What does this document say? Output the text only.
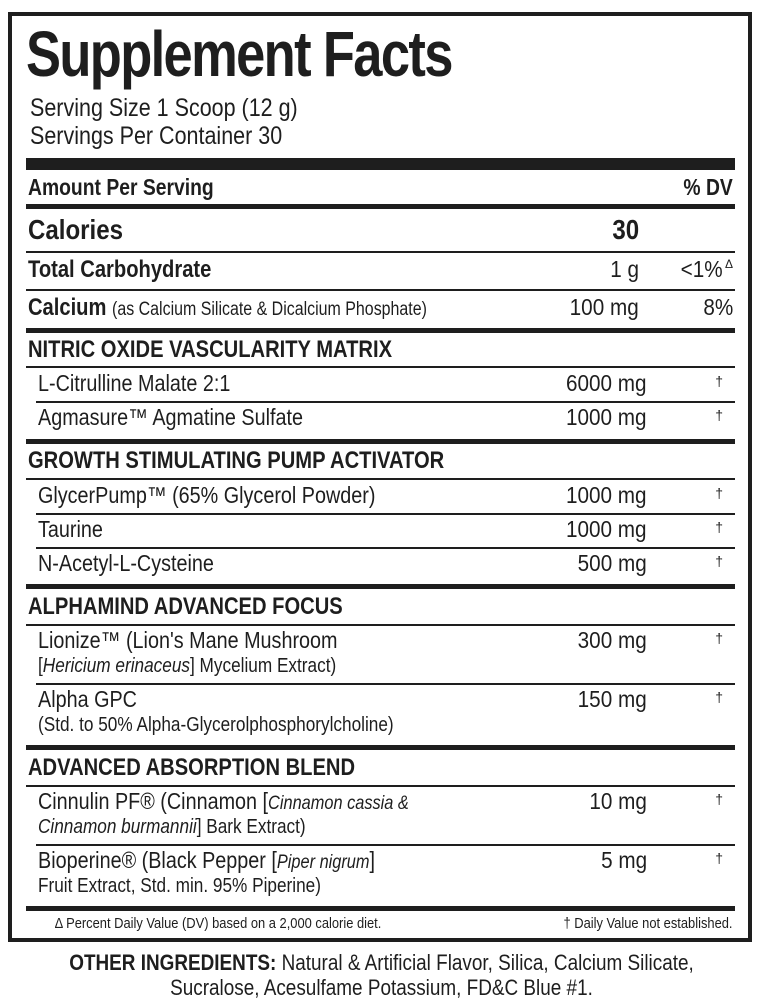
Supplement Facts
Serving Size 1 Scoop (12 g)
Servings Per Container 30
Amount Per Serving	% DV
Calories	30
Total Carbohydrate	1 g <1% Δ
Calcium (as Calcium Silicate & Dicalcium Phosphate)	100 mg	8%
NITRIC OXIDE VASCULARITY MATRIX
L-Citrulline Malate 2:1	6000 mg	†
Agmasure™ Agmatine Sulfate	1000 mg	†
GROWTH STIMULATING PUMP ACTIVATOR
GlycerPump™ (65% Glycerol Powder)	1000 mg	†
Taurine	1000 mg	†
N-Acetyl-L-Cysteine	500 mg	†
ALPHAMIND ADVANCED FOCUS
Lionize™ (Lion's Mane Mushroom
[Hericium erinaceus] Mycelium Extract)
300 mg	†
Alpha GPC
(Std. to 50% Alpha-Glycerolphosphorylcholine)
150 mg	†
ADVANCED ABSORPTION BLEND
Cinnulin PF® (Cinnamon [Cinnamon cassia &
Cinnamon burmannii] Bark Extract)
10 mg	†
Bioperine® (Black Pepper [Piper nigrum]
Fruit Extract, Std. min. 95% Piperine)
5 mg	†
Δ Percent Daily Value (DV) based on a 2,000 calorie diet.	† Daily Value not established.
OTHER INGREDIENTS: Natural & Artificial Flavor, Silica, Calcium Silicate,
Sucralose, Acesulfame Potassium, FD&C Blue #1.
